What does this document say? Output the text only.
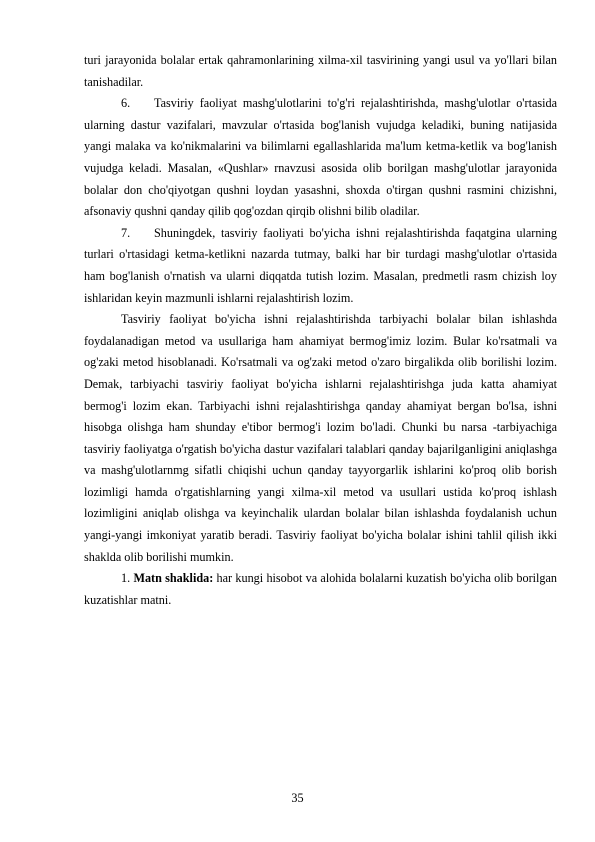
turi jarayonida bolalar ertak qahramonlarining xilma-xil tasvirining yangi usul va yo'llari bilan tanishadilar.

6. Tasviriy faoliyat mashg'ulotlarini to'g'ri rejalashtirishda, mashg'ulotlar o'rtasida ularning dastur vazifalari, mavzular o'rtasida bog'lanish vujudga keladiki, buning natijasida yangi malaka va ko'nikmalarini va bilimlarni egallashlarida ma'lum ketma-ketlik va bog'lanish vujudga keladi. Masalan, «Qushlar» rnavzusi asosida olib borilgan mashg'ulotlar jarayonida bolalar don cho'qiyotgan qushni loydan yasashni, shoxda o'tirgan qushni rasmini chizishni, afsonaviy qushni qanday qilib qog'ozdan qirqib olishni bilib oladilar.

7. Shuningdek, tasviriy faoliyati bo'yicha ishni rejalashtirishda faqatgina ularning turlari o'rtasidagi ketma-ketlikni nazarda tutmay, balki har bir turdagi mashg'ulotlar o'rtasida ham bog'lanish o'rnatish va ularni diqqatda tutish lozim. Masalan, predmetli rasm chizish loy ishlaridan keyin mazmunli ishlarni rejalashtirish lozim.

Tasviriy faoliyat bo'yicha ishni rejalashtirishda tarbiyachi bolalar bilan ishlashda foydalanadigan metod va usullariga ham ahamiyat bermog'imiz lozim. Bular ko'rsatmali va og'zaki metod hisoblanadi. Ko'rsatmali va og'zaki metod o'zaro birgalikda olib borilishi lozim. Demak, tarbiyachi tasviriy faoliyat bo'yicha ishlarni rejalashtirishga juda katta ahamiyat bermog'i lozim ekan. Tarbiyachi ishni rejalashtirishga qanday ahamiyat bergan bo'lsa, ishni hisobga olishga ham shunday e'tibor bermog'i lozim bo'ladi. Chunki bu narsa -tarbiyachiga tasviriy faoliyatga o'rgatish bo'yicha dastur vazifalari talablari qanday bajarilganligini aniqlashga va mashg'ulotlarnmg sifatli chiqishi uchun qanday tayyorgarlik ishlarini ko'proq olib borish lozimligi hamda o'rgatishlarning yangi xilma-xil metod va usullari ustida ko'proq ishlash lozimligini aniqlab olishga va keyinchalik ulardan bolalar bilan ishlashda foydalanish uchun yangi-yangi imkoniyat yaratib beradi. Tasviriy faoliyat bo'yicha bolalar ishini tahlil qilish ikki shaklda olib borilishi mumkin.

1. Matn shaklida: har kungi hisobot va alohida bolalarni kuzatish bo'yicha olib borilgan kuzatishlar matni.

35
